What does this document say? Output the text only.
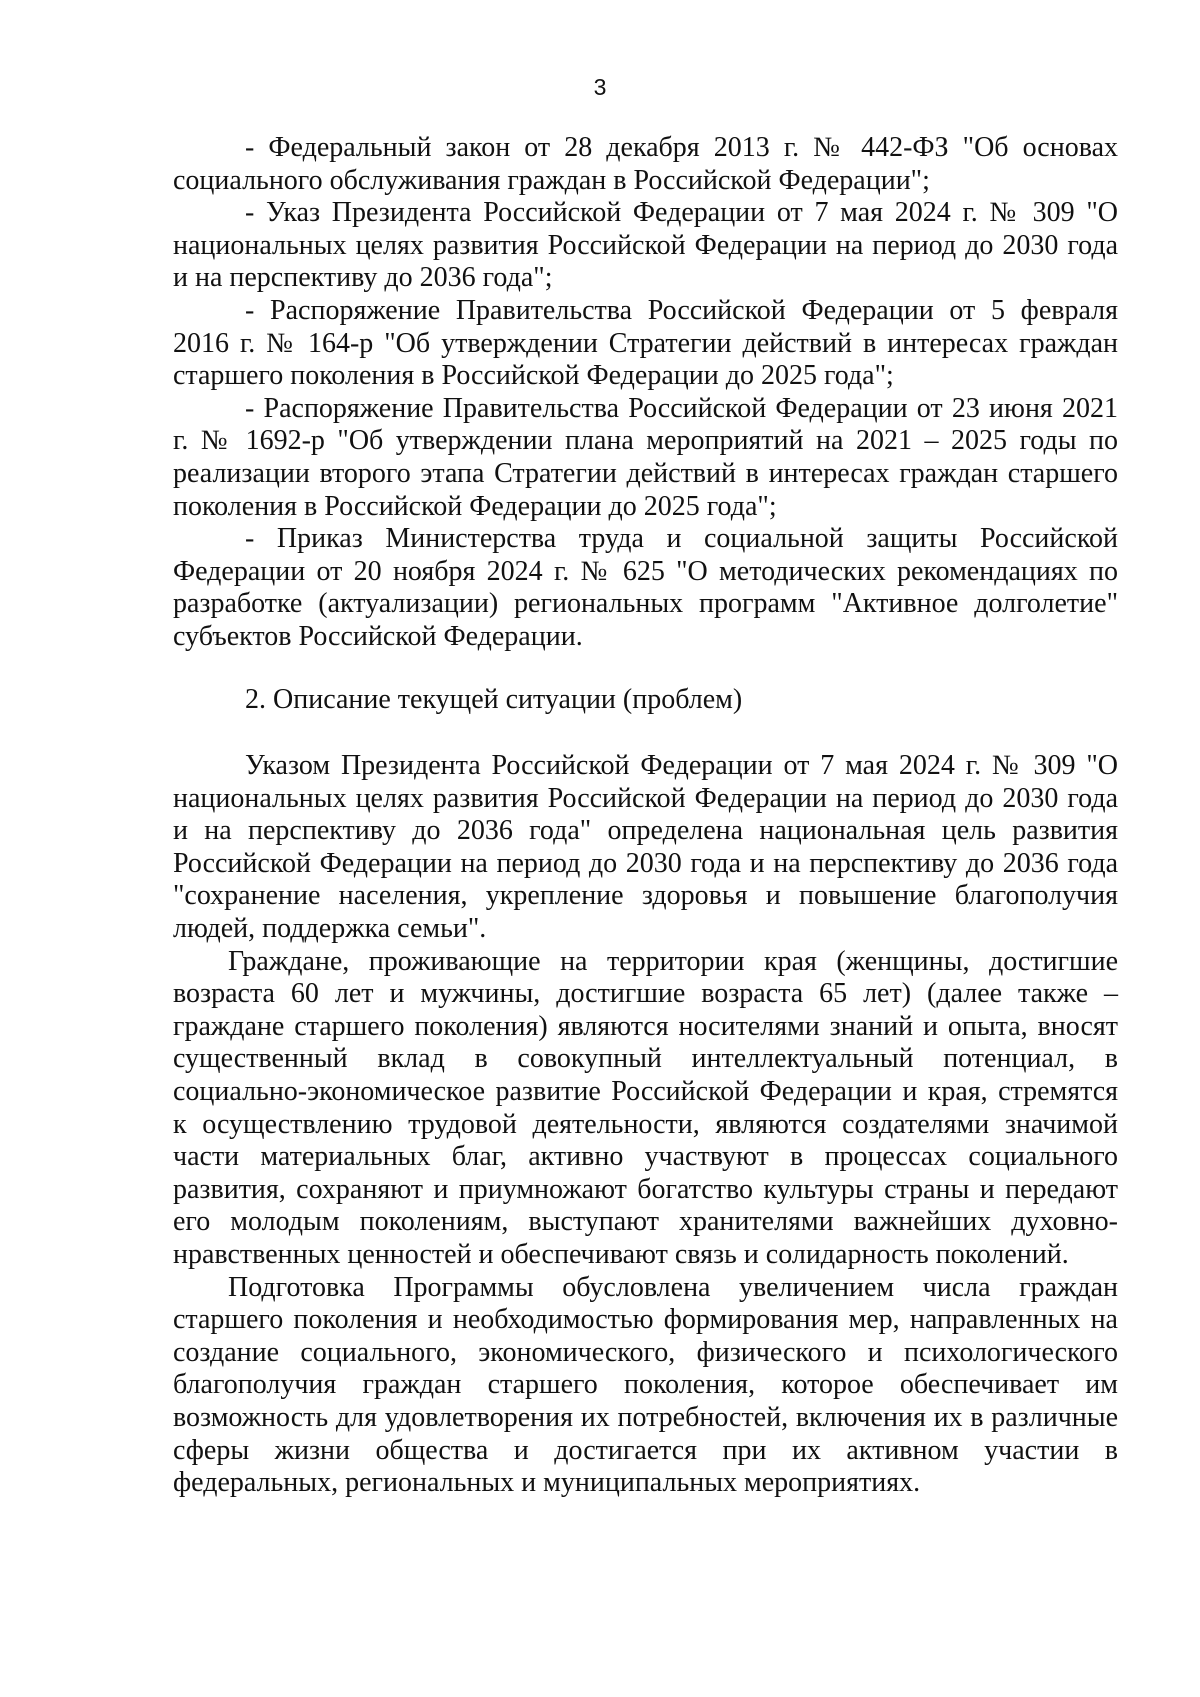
3

- Федеральный закон от 28 декабря 2013 г. № 442-ФЗ "Об основах социального обслуживания граждан в Российской Федерации";

- Указ Президента Российской Федерации от 7 мая 2024 г. № 309 "О национальных целях развития Российской Федерации на период до 2030 года и на перспективу до 2036 года";

- Распоряжение Правительства Российской Федерации от 5 февраля 2016 г. № 164-р "Об утверждении Стратегии действий в интересах граждан старшего поколения в Российской Федерации до 2025 года";

- Распоряжение Правительства Российской Федерации от 23 июня 2021 г. № 1692-р "Об утверждении плана мероприятий на 2021 – 2025 годы по реализации второго этапа Стратегии действий в интересах граждан старшего поколения в Российской Федерации до 2025 года";

- Приказ Министерства труда и социальной защиты Российской Федерации от 20 ноября 2024 г. № 625 "О методических рекомендациях по разработке (актуализации) региональных программ "Активное долголетие" субъектов Российской Федерации.

2. Описание текущей ситуации (проблем)

Указом Президента Российской Федерации от 7 мая 2024 г. № 309 "О национальных целях развития Российской Федерации на период до 2030 года и на перспективу до 2036 года" определена национальная цель развития Российской Федерации на период до 2030 года и на перспективу до 2036 года "сохранение населения, укрепление здоровья и повышение благополучия людей, поддержка семьи".

Граждане, проживающие на территории края (женщины, достигшие возраста 60 лет и мужчины, достигшие возраста 65 лет) (далее также – граждане старшего поколения) являются носителями знаний и опыта, вносят существенный вклад в совокупный интеллектуальный потенциал, в социально-экономическое развитие Российской Федерации и края, стремятся к осуществлению трудовой деятельности, являются создателями значимой части материальных благ, активно участвуют в процессах социального развития, сохраняют и приумножают богатство культуры страны и передают его молодым поколениям, выступают хранителями важнейших духовно-нравственных ценностей и обеспечивают связь и солидарность поколений.

Подготовка Программы обусловлена увеличением числа граждан старшего поколения и необходимостью формирования мер, направленных на создание социального, экономического, физического и психологического благополучия граждан старшего поколения, которое обеспечивает им возможность для удовлетворения их потребностей, включения их в различные сферы жизни общества и достигается при их активном участии в федеральных, региональных и муниципальных мероприятиях.
